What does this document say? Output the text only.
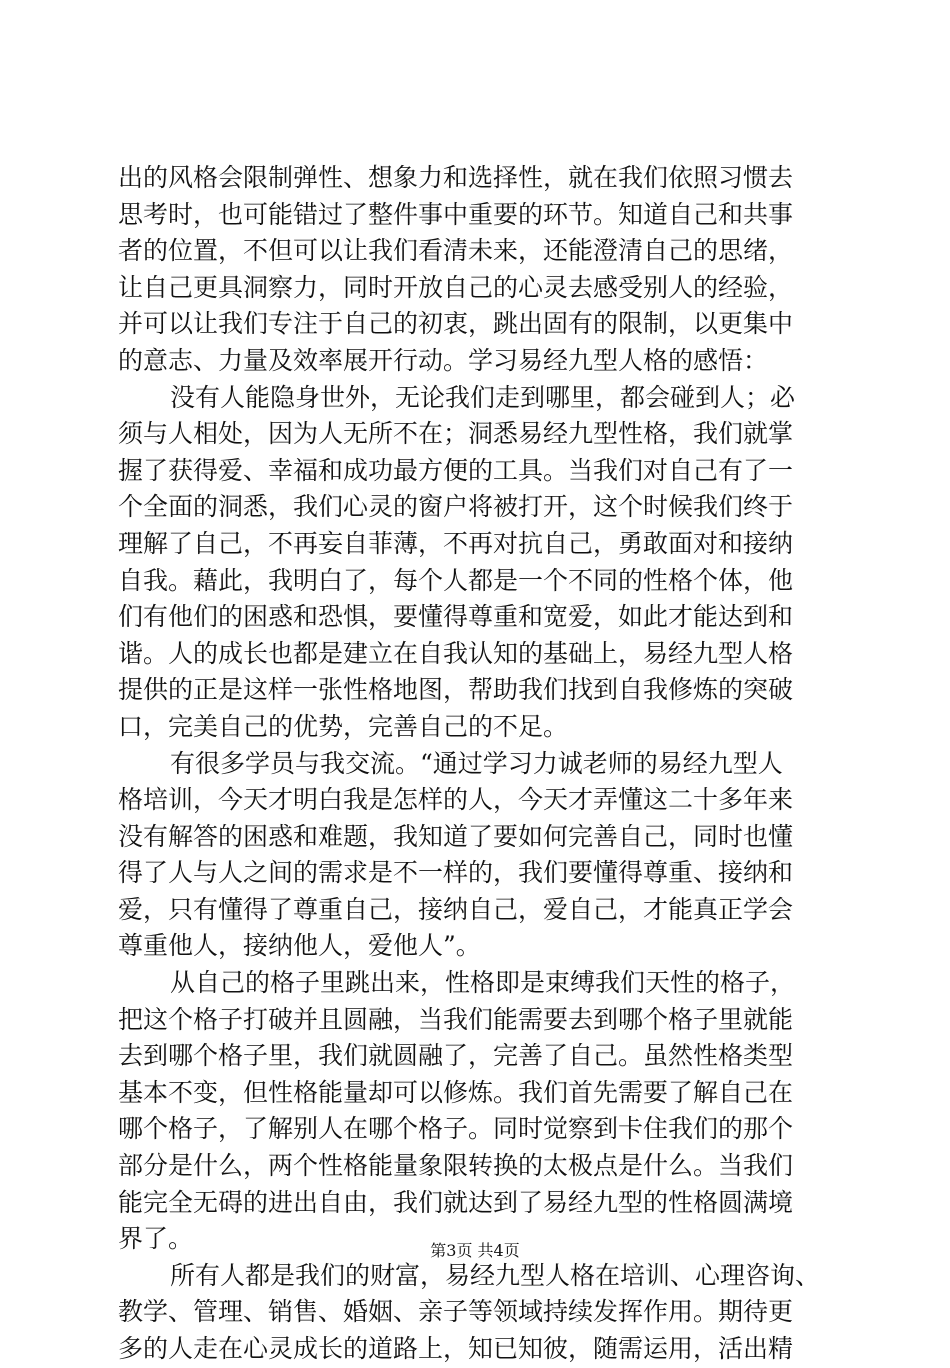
出的风格会限制弹性、想象力和选择性，就在我们依照习惯去
思考时，也可能错过了整件事中重要的环节。知道自己和共事
者的位置，不但可以让我们看清未来，还能澄清自己的思绪，
让自己更具洞察力，同时开放自己的心灵去感受别人的经验，
并可以让我们专注于自己的初衷，跳出固有的限制，以更集中
的意志、力量及效率展开行动。学习易经九型人格的感悟：
没有人能隐身世外，无论我们走到哪里，都会碰到人；必
须与人相处，因为人无所不在；洞悉易经九型性格，我们就掌
握了获得爱、幸福和成功最方便的工具。当我们对自己有了一
个全面的洞悉，我们心灵的窗户将被打开，这个时候我们终于
理解了自己，不再妄自菲薄，不再对抗自己，勇敢面对和接纳
自我。藉此，我明白了，每个人都是一个不同的性格个体，他
们有他们的困惑和恐惧，要懂得尊重和宽爱，如此才能达到和
谐。人的成长也都是建立在自我认知的基础上，易经九型人格
提供的正是这样一张性格地图，帮助我们找到自我修炼的突破
口，完美自己的优势，完善自己的不足。
有很多学员与我交流。“通过学习力诚老师的易经九型人
格培训，今天才明白我是怎样的人，今天才弄懂这二十多年来
没有解答的困惑和难题，我知道了要如何完善自己，同时也懂
得了人与人之间的需求是不一样的，我们要懂得尊重、接纳和
爱，只有懂得了尊重自己，接纳自己，爱自己，才能真正学会
尊重他人，接纳他人，爱他人”。
从自己的格子里跳出来，性格即是束缚我们天性的格子，
把这个格子打破并且圆融，当我们能需要去到哪个格子里就能
去到哪个格子里，我们就圆融了，完善了自己。虽然性格类型
基本不变，但性格能量却可以修炼。我们首先需要了解自己在
哪个格子，了解别人在哪个格子。同时觉察到卡住我们的那个
部分是什么，两个性格能量象限转换的太极点是什么。当我们
能完全无碍的进出自由，我们就达到了易经九型的性格圆满境
界了。
所有人都是我们的财富，易经九型人格在培训、心理咨询、
教学、管理、销售、婚姻、亲子等领域持续发挥作用。期待更
多的人走在心灵成长的道路上，知已知彼，随需运用，活出精
第3页 共4页
